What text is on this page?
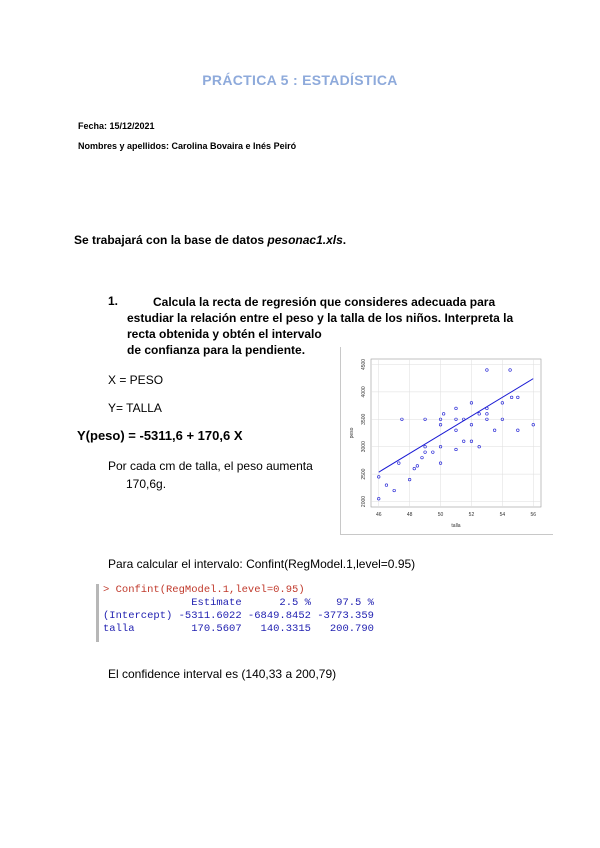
PRÁCTICA 5 : ESTADÍSTICA
Fecha: 15/12/2021
Nombres y apellidos: Carolina Bovaira e Inés Peiró
Se trabajará con la base de datos pesonac1.xls.
1.	Calcula la recta de regresión que consideres adecuada para
estudiar la relación entre el peso y la talla de los niños. Interpreta la
recta obtenida y obtén el intervalo
de confianza para la pendiente.
X = PESO
Y= TALLA
Y(peso) = -5311,6 + 170,6 X
Por cada cm de talla, el peso aumenta
170,6g.
46	48	50	52	54	56
2000
2500
3000
3500
4000
4500
talla
peso
Para calcular el intervalo: Confint(RegModel.1,level=0.95)
> Confint(RegModel.1,level=0.95)
Estimate      2.5 %    97.5 %
(Intercept) -5311.6022 -6849.8452 -3773.359
talla         170.5607   140.3315   200.790
El confidence interval es (140,33 a 200,79)
